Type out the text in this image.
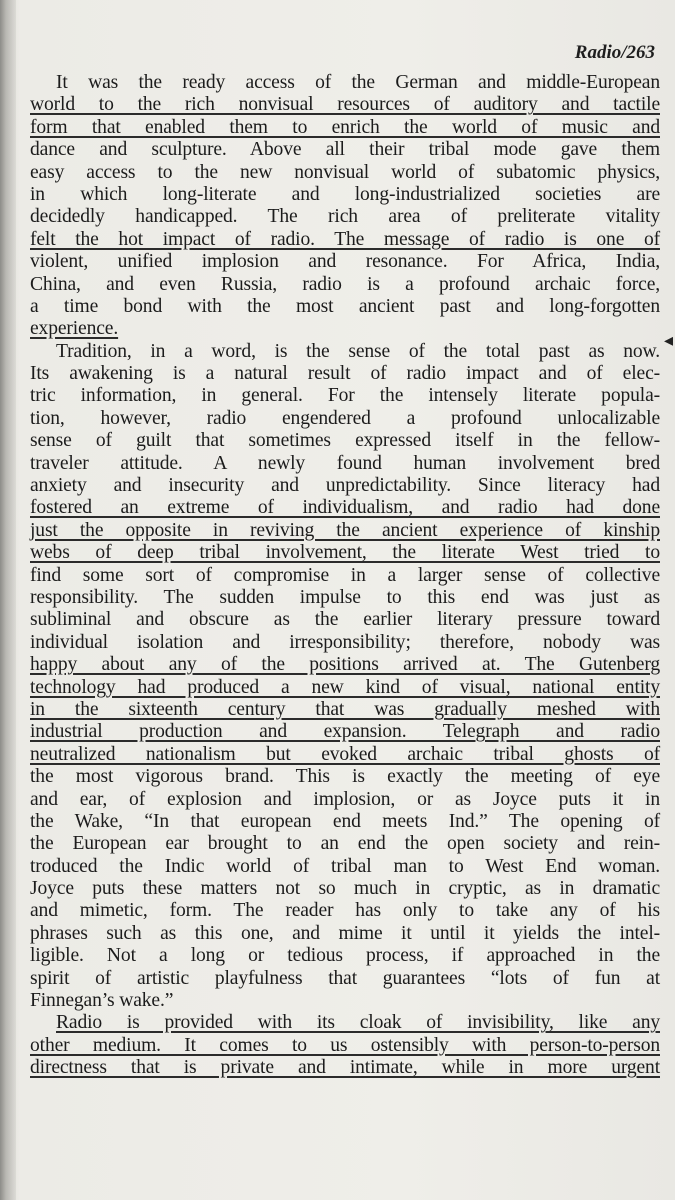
Radio/263

◂
It was the ready access of the German and middle-European
world to the rich nonvisual resources of auditory and tactile
form that enabled them to enrich the world of music and
dance and sculpture. Above all their tribal mode gave them
easy access to the new nonvisual world of subatomic physics,
in which long-literate and long-industrialized societies are
decidedly handicapped. The rich area of preliterate vitality
felt the hot impact of radio. The message of radio is one of
violent, unified implosion and resonance. For Africa, India,
China, and even Russia, radio is a profound archaic force,
a time bond with the most ancient past and long-forgotten
experience.
Tradition, in a word, is the sense of the total past as now.
Its awakening is a natural result of radio impact and of elec-
tric information, in general. For the intensely literate popula-
tion, however, radio engendered a profound unlocalizable
sense of guilt that sometimes expressed itself in the fellow-
traveler attitude. A newly found human involvement bred
anxiety and insecurity and unpredictability. Since literacy had
fostered an extreme of individualism, and radio had done
just the opposite in reviving the ancient experience of kinship
webs of deep tribal involvement, the literate West tried to
find some sort of compromise in a larger sense of collective
responsibility. The sudden impulse to this end was just as
subliminal and obscure as the earlier literary pressure toward
individual isolation and irresponsibility; therefore, nobody was
happy about any of the positions arrived at. The Gutenberg
technology had produced a new kind of visual, national entity
in the sixteenth century that was gradually meshed with
industrial production and expansion. Telegraph and radio
neutralized nationalism but evoked archaic tribal ghosts of
the most vigorous brand. This is exactly the meeting of eye
and ear, of explosion and implosion, or as Joyce puts it in
the Wake, “In that european end meets Ind.” The opening of
the European ear brought to an end the open society and rein-
troduced the Indic world of tribal man to West End woman.
Joyce puts these matters not so much in cryptic, as in dramatic
and mimetic, form. The reader has only to take any of his
phrases such as this one, and mime it until it yields the intel-
ligible. Not a long or tedious process, if approached in the
spirit of artistic playfulness that guarantees “lots of fun at
Finnegan’s wake.”
Radio is provided with its cloak of invisibility, like any
other medium. It comes to us ostensibly with person-to-person
directness that is private and intimate, while in more urgent
